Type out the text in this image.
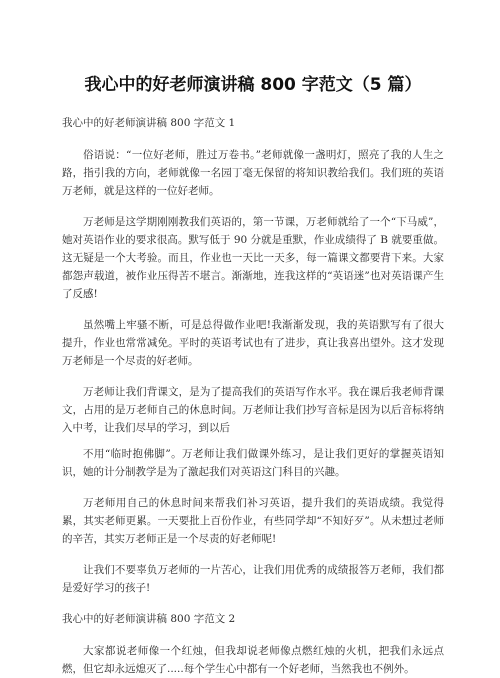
我心中的好老师演讲稿 800 字范文（5 篇）

我心中的好老师演讲稿 800 字范文 1

俗语说：“一位好老师，胜过万卷书。”老师就像一盏明灯，照亮了我的人生之路，指引我的方向，老师就像一名园丁毫无保留的将知识教给我们。我们班的英语万老师，就是这样的一位好老师。

万老师是这学期刚刚教我们英语的，第一节课，万老师就给了一个“下马威”，她对英语作业的要求很高。默写低于 90 分就是重默，作业成绩得了 B 就要重做。这无疑是一个大考验。而且，作业也一天比一天多，每一篇课文都要背下来。大家都怨声载道，被作业压得苦不堪言。渐渐地，连我这样的“英语迷”也对英语课产生了反感!

虽然嘴上牢骚不断，可是总得做作业吧!我渐渐发现，我的英语默写有了很大提升，作业也常常减免。平时的英语考试也有了进步，真让我喜出望外。这才发现万老师是一个尽责的好老师。

万老师让我们背课文，是为了提高我们的英语写作水平。我在课后我老师背课文，占用的是万老师自己的休息时间。万老师让我们抄写音标是因为以后音标将纳入中考，让我们尽早的学习，到以后

不用“临时抱佛脚”。万老师让我们做课外练习，是让我们更好的掌握英语知识，她的计分制教学是为了激起我们对英语这门科目的兴趣。

万老师用自己的休息时间来帮我们补习英语，提升我们的英语成绩。我觉得累，其实老师更累。一天要批上百份作业，有些同学却“不知好歹”。从未想过老师的辛苦，其实万老师正是一个尽责的好老师呢!

让我们不要辜负万老师的一片苦心，让我们用优秀的成绩报答万老师，我们都是爱好学习的孩子!

我心中的好老师演讲稿 800 字范文 2

大家都说老师像一个红烛，但我却说老师像点燃红烛的火机，把我们永远点燃，但它却永远熄灭了.....每个学生心中都有一个好老师，当然我也不例外。
